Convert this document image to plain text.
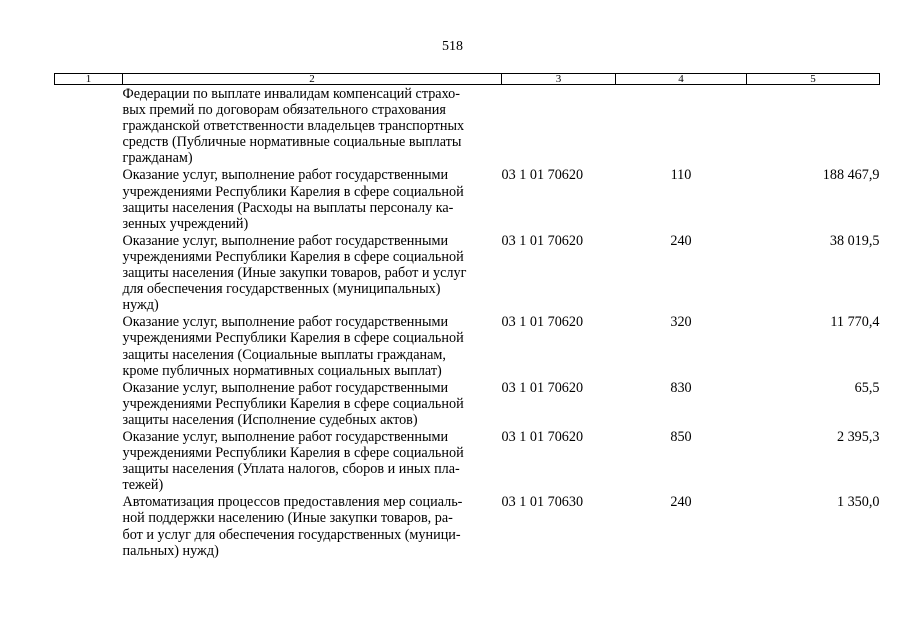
518
1	2	3	4	5

	Федерации по выплате инвалидам компенсаций страхо-
вых премий по договорам обязательного страхования
гражданской ответственности владельцев транспортных
средств (Публичные нормативные социальные выплаты
гражданам)			

	Оказание услуг, выполнение работ государственными
учреждениями Республики Карелия в сфере социальной
защиты населения (Расходы на выплаты персоналу ка-
зенных учреждений)	03 1 01 70620	110	188 467,9

	Оказание услуг, выполнение работ государственными
учреждениями Республики Карелия в сфере социальной
защиты населения (Иные закупки товаров, работ и услуг
для обеспечения государственных (муниципальных)
нужд)	03 1 01 70620	240	38 019,5

	Оказание услуг, выполнение работ государственными
учреждениями Республики Карелия в сфере социальной
защиты населения (Социальные выплаты гражданам,
кроме публичных нормативных социальных выплат)	03 1 01 70620	320	11 770,4

	Оказание услуг, выполнение работ государственными
учреждениями Республики Карелия в сфере социальной
защиты населения (Исполнение судебных актов)	03 1 01 70620	830	65,5

	Оказание услуг, выполнение работ государственными
учреждениями Республики Карелия в сфере социальной
защиты населения (Уплата налогов, сборов и иных пла-
тежей)	03 1 01 70620	850	2 395,3

	Автоматизация процессов предоставления мер социаль-
ной поддержки населению (Иные закупки товаров, ра-
бот и услуг для обеспечения государственных (муници-
пальных) нужд)	03 1 01 70630	240	1 350,0
